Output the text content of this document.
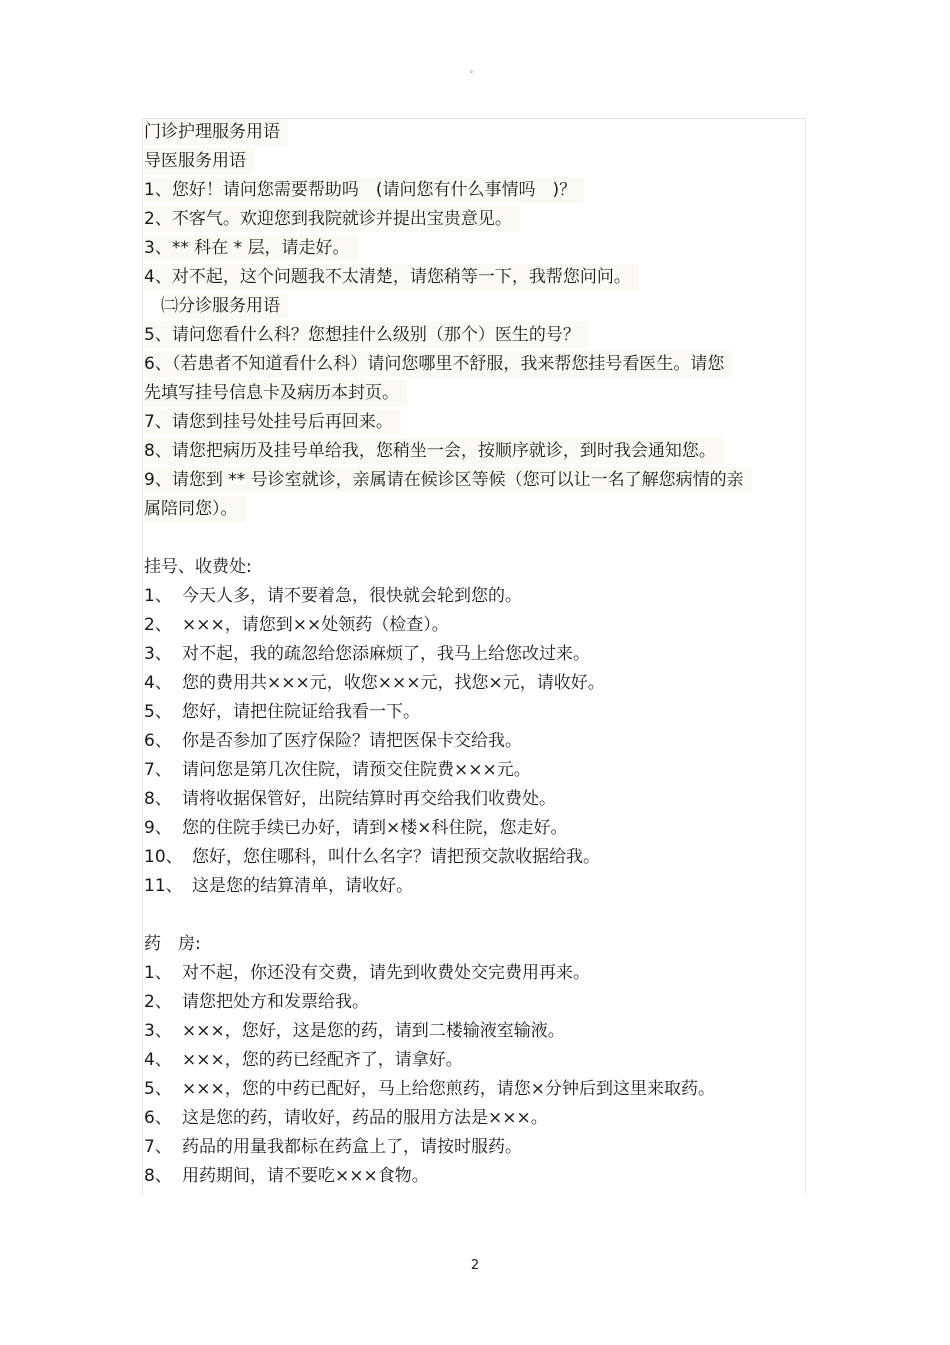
°
门诊护理服务用语
导医服务用语
1、您好！请问您需要帮助吗　(请问您有什么事情吗　)？
2、不客气。欢迎您到我院就诊并提出宝贵意见。
3、** 科在 * 层，请走好。
4、对不起，这个问题我不太清楚，请您稍等一下，我帮您问问。
㈡分诊服务用语
5、请问您看什么科？您想挂什么级别（那个）医生的号？
6、（若患者不知道看什么科）请问您哪里不舒服，我来帮您挂号看医生。请您
先填写挂号信息卡及病历本封页。
7、请您到挂号处挂号后再回来。
8、请您把病历及挂号单给我，您稍坐一会，按顺序就诊，到时我会通知您。
9、请您到 ** 号诊室就诊，亲属请在候诊区等候（您可以让一名了解您病情的亲
属陪同您）。
挂号、收费处:
1、 今天人多，请不要着急，很快就会轮到您的。
2、 ×××，请您到××处领药（检查）。
3、 对不起，我的疏忽给您添麻烦了，我马上给您改过来。
4、 您的费用共×××元，收您×××元，找您×元，请收好。
5、 您好，请把住院证给我看一下。
6、 你是否参加了医疗保险？请把医保卡交给我。
7、 请问您是第几次住院，请预交住院费×××元。
8、 请将收据保管好，出院结算时再交给我们收费处。
9、 您的住院手续已办好，请到×楼×科住院，您走好。
10、 您好，您住哪科，叫什么名字？请把预交款收据给我。
11、 这是您的结算清单，请收好。
药　房:
1、 对不起，你还没有交费，请先到收费处交完费用再来。
2、 请您把处方和发票给我。
3、 ×××，您好，这是您的药，请到二楼输液室输液。
4、 ×××，您的药已经配齐了，请拿好。
5、 ×××，您的中药已配好，马上给您煎药，请您×分钟后到这里来取药。
6、 这是您的药，请收好，药品的服用方法是×××。
7、 药品的用量我都标在药盒上了，请按时服药。
8、 用药期间，请不要吃×××食物。
2
